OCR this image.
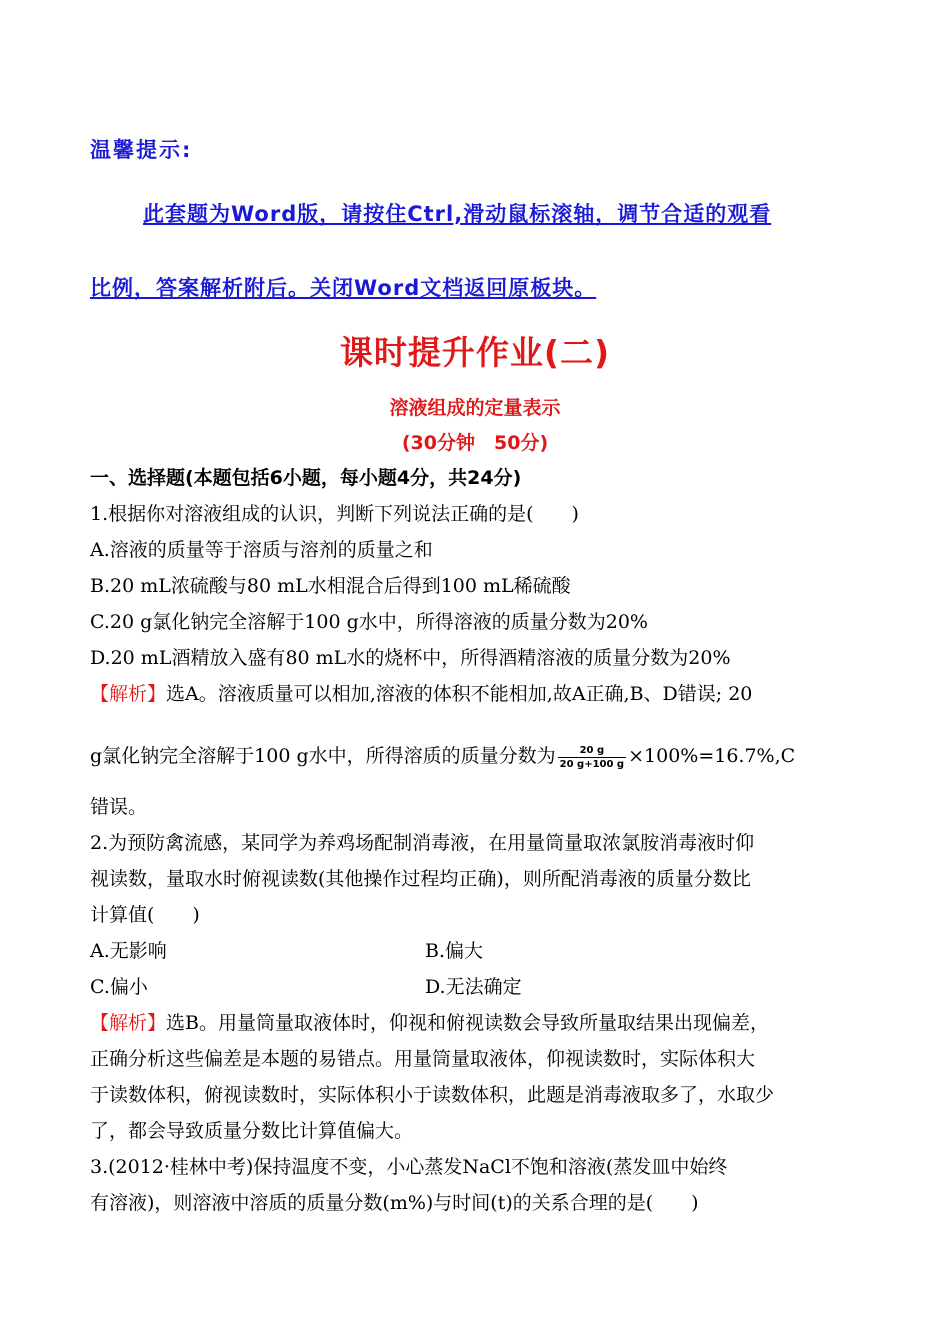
温馨提示:
此套题为Word版，请按住Ctrl,滑动鼠标滚轴，调节合适的观看
比例，答案解析附后。关闭Word文档返回原板块。
课时提升作业(二)
溶液组成的定量表示
(30分钟　50分)
一、选择题(本题包括6小题，每小题4分，共24分)
1.根据你对溶液组成的认识，判断下列说法正确的是(　　)
A.溶液的质量等于溶质与溶剂的质量之和
B.20 mL浓硫酸与80 mL水相混合后得到100 mL稀硫酸
C.20 g氯化钠完全溶解于100 g水中，所得溶液的质量分数为20%
D.20 mL酒精放入盛有80 mL水的烧杯中，所得酒精溶液的质量分数为20%
【解析】选A。溶液质量可以相加,溶液的体积不能相加,故A正确,B、D错误; 20
g氯化钠完全溶解于100 g水中，所得溶质的质量分数为 $\frac{20 g}{20 g+100 g} \times 100\%=16.7\%,C$
错误。
2.为预防禽流感，某同学为养鸡场配制消毒液，在用量筒量取浓氯胺消毒液时仰
视读数，量取水时俯视读数(其他操作过程均正确)，则所配消毒液的质量分数比
计算值(　　)
A.无影响	B.偏大
C.偏小	D.无法确定
【解析】选B。用量筒量取液体时，仰视和俯视读数会导致所量取结果出现偏差，
正确分析这些偏差是本题的易错点。用量筒量取液体，仰视读数时，实际体积大
于读数体积，俯视读数时，实际体积小于读数体积，此题是消毒液取多了，水取少
了，都会导致质量分数比计算值偏大。
3.(2012·桂林中考)保持温度不变，小心蒸发NaCl不饱和溶液(蒸发皿中始终
有溶液)，则溶液中溶质的质量分数(m%)与时间(t)的关系合理的是(　　)
